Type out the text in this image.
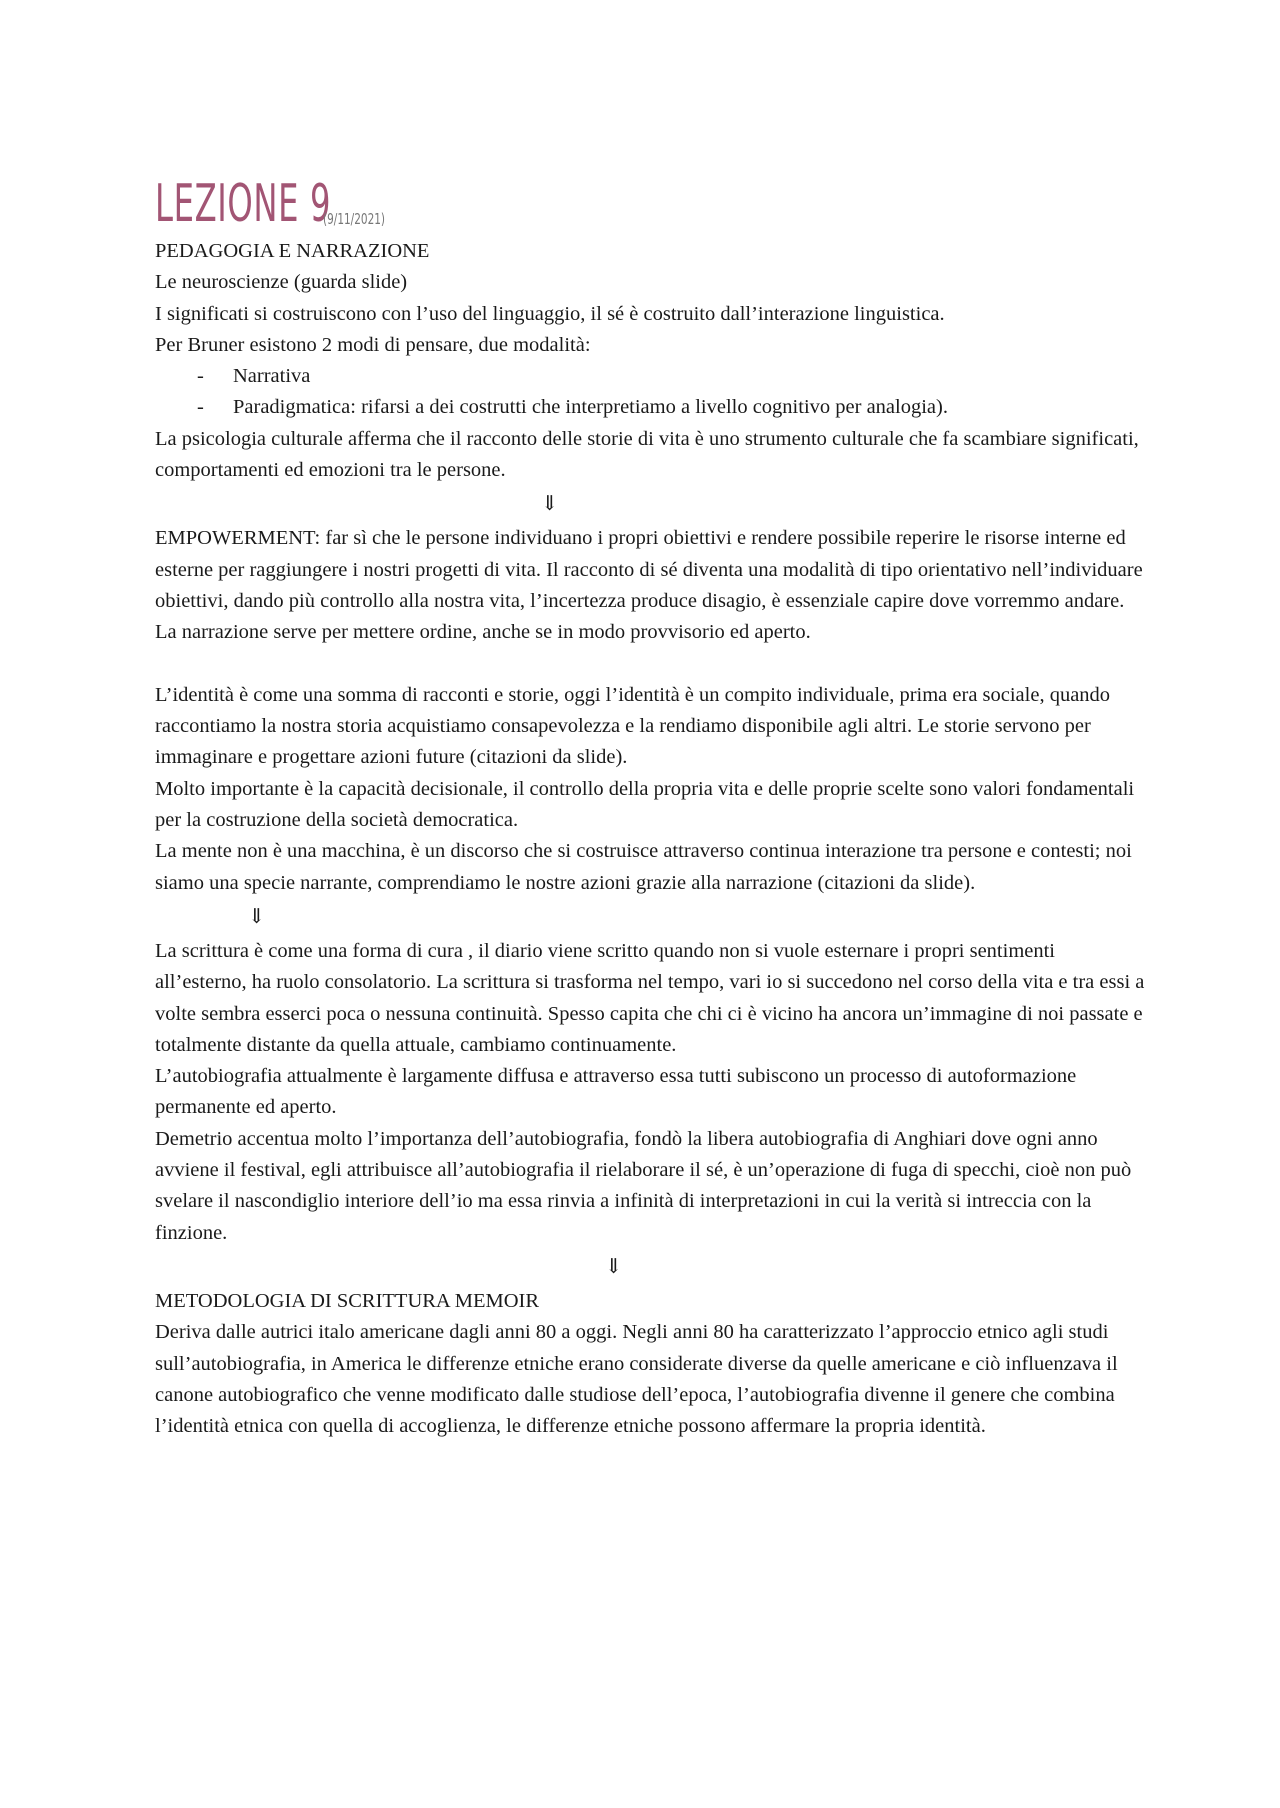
LEZIONE 9
(9/11/2021)

PEDAGOGIA E NARRAZIONE

Le neuroscienze (guarda slide)

I significati si costruiscono con l’uso del linguaggio, il sé è costruito dall’interazione linguistica.

Per Bruner esistono 2 modi di pensare, due modalità:

- Narrativa
- Paradigmatica: rifarsi a dei costrutti che interpretiamo a livello cognitivo per analogia).

La psicologia culturale afferma che il racconto delle storie di vita è uno strumento culturale che fa scambiare significati, comportamenti ed emozioni tra le persone.

⇓

EMPOWERMENT: far sì che le persone individuano i propri obiettivi e rendere possibile reperire le risorse interne ed esterne per raggiungere i nostri progetti di vita. Il racconto di sé diventa una modalità di tipo orientativo nell’individuare obiettivi, dando più controllo alla nostra vita, l’incertezza produce disagio, è essenziale capire dove vorremmo andare.

La narrazione serve per mettere ordine, anche se in modo provvisorio ed aperto.

L’identità è come una somma di racconti e storie, oggi l’identità è un compito individuale, prima era sociale, quando raccontiamo la nostra storia acquistiamo consapevolezza e la rendiamo disponibile agli altri. Le storie servono per immaginare e progettare azioni future (citazioni da slide).

Molto importante è la capacità decisionale, il controllo della propria vita e delle proprie scelte sono valori fondamentali per la costruzione della società democratica.

La mente non è una macchina, è un discorso che si costruisce attraverso continua interazione tra persone e contesti; noi siamo una specie narrante, comprendiamo le nostre azioni grazie alla narrazione (citazioni da slide).

⇓

La scrittura è come una forma di cura , il diario viene scritto quando non si vuole esternare i propri sentimenti all’esterno, ha ruolo consolatorio. La scrittura si trasforma nel tempo, vari io si succedono nel corso della vita e tra essi a volte sembra esserci poca o nessuna continuità. Spesso capita che chi ci è vicino ha ancora un’immagine di noi passate e totalmente distante da quella attuale, cambiamo continuamente.

L’autobiografia attualmente è largamente diffusa e attraverso essa tutti subiscono un processo di autoformazione permanente ed aperto.

Demetrio accentua molto l’importanza dell’autobiografia, fondò la libera autobiografia di Anghiari dove ogni anno avviene il festival, egli attribuisce all’autobiografia il rielaborare il sé, è un’operazione di fuga di specchi, cioè non può svelare il nascondiglio interiore dell’io ma essa rinvia a infinità di interpretazioni in cui la verità si intreccia con la finzione.

⇓

METODOLOGIA DI SCRITTURA MEMOIR

Deriva dalle autrici italo americane dagli anni 80 a oggi. Negli anni 80 ha caratterizzato l’approccio etnico agli studi sull’autobiografia, in America le differenze etniche erano considerate diverse da quelle americane e ciò influenzava il canone autobiografico che venne modificato dalle studiose dell’epoca, l’autobiografia divenne il genere che combina l’identità etnica con quella di accoglienza, le differenze etniche possono affermare la propria identità.
